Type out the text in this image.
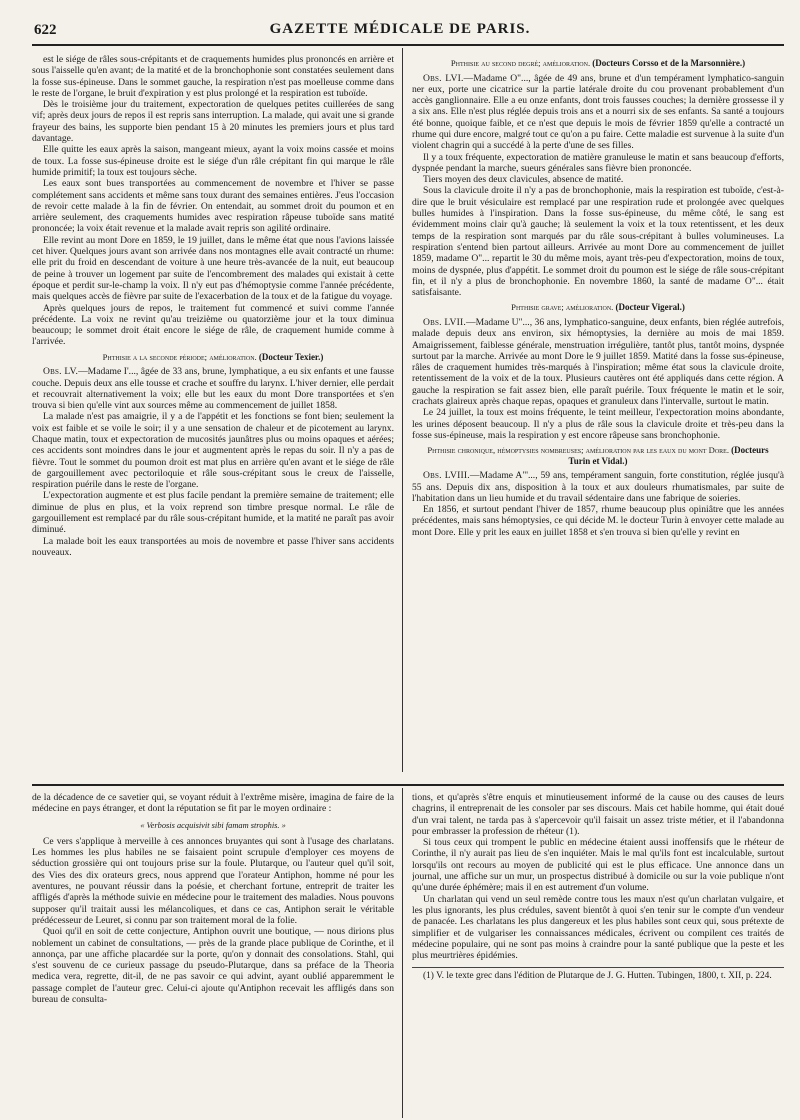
622	GAZETTE MÉDICALE DE PARIS.

est le siége de râles sous-crépitants et de craquements humides plus prononcés en arrière et sous l'aisselle qu'en avant; de la matité et de la bronchophonie sont constatées seulement dans la fosse sus-épineuse. Dans le sommet gauche, la respiration n'est pas moelleuse comme dans le reste de l'organe, le bruit d'expiration y est plus prolongé et la respiration est tuboïde.

Dès le troisième jour du traitement, expectoration de quelques petites cuillerées de sang vif; après deux jours de repos il est repris sans interruption. La malade, qui avait une si grande frayeur des bains, les supporte bien pendant 15 à 20 minutes les premiers jours et plus tard davantage.

Elle quitte les eaux après la saison, mangeant mieux, ayant la voix moins cassée et moins de toux. La fosse sus-épineuse droite est le siége d'un râle crépitant fin qui marque le râle humide primitif; la toux est toujours sèche.

Les eaux sont bues transportées au commencement de novembre et l'hiver se passe complétement sans accidents et même sans toux durant des semaines entières. J'eus l'occasion de revoir cette malade à la fin de février. On entendait, au sommet droit du poumon et en arrière seulement, des craquements humides avec respiration râpeuse tuboïde sans matité prononcée; la voix était revenue et la malade avait repris son agilité ordinaire.

Elle revint au mont Dore en 1859, le 19 juillet, dans le même état que nous l'avions laissée cet hiver. Quelques jours avant son arrivée dans nos montagnes elle avait contracté un rhume: elle prit du froid en descendant de voiture à une heure très-avancée de la nuit, eut beaucoup de peine à trouver un logement par suite de l'encombrement des malades qui existait à cette époque et perdit sur-le-champ la voix. Il n'y eut pas d'hémoptysie comme l'année précédente, mais quelques accès de fièvre par suite de l'exacerbation de la toux et de la fatigue du voyage.

Après quelques jours de repos, le traitement fut commencé et suivi comme l'année précédente. La voix ne revint qu'au treizième ou quatorzième jour et la toux diminua beaucoup; le sommet droit était encore le siége de râle, de craquement humide comme à l'arrivée.

Phthisie a la seconde période; amélioration. (Docteur Texier.)

Obs. LV.—Madame I'..., âgée de 33 ans, brune, lymphatique, a eu six enfants et une fausse couche. Depuis deux ans elle tousse et crache et souffre du larynx. L'hiver dernier, elle perdait et recouvrait alternativement la voix; elle but les eaux du mont Dore transportées et s'en trouva si bien qu'elle vint aux sources même au commencement de juillet 1858.

La malade n'est pas amaigrie, il y a de l'appétit et les fonctions se font bien; seulement la voix est faible et se voile le soir; il y a une sensation de chaleur et de picotement au larynx. Chaque matin, toux et expectoration de mucosités jaunâtres plus ou moins opaques et aérées; ces accidents sont moindres dans le jour et augmentent après le repas du soir. Il n'y a pas de fièvre. Tout le sommet du poumon droit est mat plus en arrière qu'en avant et le siége de râle de gargouillement avec pectoriloquie et râle sous-crépitant sous le creux de l'aisselle, respiration puérile dans le reste de l'organe.

L'expectoration augmente et est plus facile pendant la première semaine de traitement; elle diminue de plus en plus, et la voix reprend son timbre presque normal. Le râle de gargouillement est remplacé par du râle sous-crépitant humide, et la matité ne paraît pas avoir diminué.

La malade boit les eaux transportées au mois de novembre et passe l'hiver sans accidents nouveaux.

Phthisie au second degré; amélioration. (Docteurs Corsso et de la Marsonnière.)

Obs. LVI.—Madame O"..., âgée de 49 ans, brune et d'un tempérament lymphatico-sanguin ner eux, porte une cicatrice sur la partie latérale droite du cou provenant probablement d'un accès ganglionnaire. Elle a eu onze enfants, dont trois fausses couches; la dernière grossesse il y a six ans. Elle n'est plus réglée depuis trois ans et a nourri six de ses enfants. Sa santé a toujours été bonne, quoique faible, et ce n'est que depuis le mois de février 1859 qu'elle a contracté un rhume qui dure encore, malgré tout ce qu'on a pu faire. Cette maladie est survenue à la suite d'un violent chagrin qui a succédé à la perte d'une de ses filles.

Il y a toux fréquente, expectoration de matière granuleuse le matin et sans beaucoup d'efforts, dyspnée pendant la marche, sueurs générales sans fièvre bien prononcée.

Tiers moyen des deux clavicules, absence de matité.

Sous la clavicule droite il n'y a pas de bronchophonie, mais la respiration est tuboïde, c'est-à-dire que le bruit vésiculaire est remplacé par une respiration rude et prolongée avec quelques bulles humides à l'inspiration. Dans la fosse sus-épineuse, du même côté, le sang est évidemment moins clair qu'à gauche; là seulement la voix et la toux retentissent, et les deux temps de la respiration sont marqués par du râle sous-crépitant à bulles volumineuses. La respiration s'entend bien partout ailleurs. Arrivée au mont Dore au commencement de juillet 1859, madame O"... repartit le 30 du même mois, ayant très-peu d'expectoration, moins de toux, moins de dyspnée, plus d'appétit. Le sommet droit du poumon est le siége de râle sous-crépitant fin, et il n'y a plus de bronchophonie. En novembre 1860, la santé de madame O"... était satisfaisante.

Phthisie grave; amélioration. (Docteur Vigeral.)

Obs. LVII.—Madame U"..., 36 ans, lymphatico-sanguine, deux enfants, bien réglée autrefois, malade depuis deux ans environ, six hémoptysies, la dernière au mois de mai 1859. Amaigrissement, faiblesse générale, menstruation irrégulière, tantôt plus, tantôt moins, dyspnée surtout par la marche. Arrivée au mont Dore le 9 juillet 1859. Matité dans la fosse sus-épineuse, râles de craquement humides très-marqués à l'inspiration; même état sous la clavicule droite, retentissement de la voix et de la toux. Plusieurs cautères ont été appliqués dans cette région. A gauche la respiration se fait assez bien, elle paraît puérile. Toux fréquente le matin et le soir, crachats glaireux après chaque repas, opaques et granuleux dans l'intervalle, surtout le matin.

Le 24 juillet, la toux est moins fréquente, le teint meilleur, l'expectoration moins abondante, les urines déposent beaucoup. Il n'y a plus de râle sous la clavicule droite et très-peu dans la fosse sus-épineuse, mais la respiration y est encore râpeuse sans bronchophonie.

Phthisie chronique, hémoptysies nombreuses; amélioration par les eaux du mont Dore. (Docteurs Turin et Vidal.)

Obs. LVIII.—Madame A"'..., 59 ans, tempérament sanguin, forte constitution, réglée jusqu'à 55 ans. Depuis dix ans, disposition à la toux et aux douleurs rhumatismales, par suite de l'habitation dans un lieu humide et du travail sédentaire dans une fabrique de soieries.

En 1856, et surtout pendant l'hiver de 1857, rhume beaucoup plus opiniâtre que les années précédentes, mais sans hémoptysies, ce qui décide M. le docteur Turin à envoyer cette malade au mont Dore. Elle y prit les eaux en juillet 1858 et s'en trouva si bien qu'elle y revint en

de la décadence de ce savetier qui, se voyant réduit à l'extrême misère, imagina de faire de la médecine en pays étranger, et dont la réputation se fit par le moyen ordinaire :

« Verbosis acquisivit sibi famam strophis. »

Ce vers s'applique à merveille à ces annonces bruyantes qui sont à l'usage des charlatans. Les hommes les plus habiles ne se faisaient point scrupule d'employer ces moyens de séduction grossière qui ont toujours prise sur la foule. Plutarque, ou l'auteur quel qu'il soit, des Vies des dix orateurs grecs, nous apprend que l'orateur Antiphon, homme né pour les aventures, ne pouvant réussir dans la poésie, et cherchant fortune, entreprit de traiter les affligés d'après la méthode suivie en médecine pour le traitement des maladies. Nous pouvons supposer qu'il traitait aussi les mélancoliques, et dans ce cas, Antiphon serait le véritable prédécesseur de Leuret, si connu par son traitement moral de la folie.

Quoi qu'il en soit de cette conjecture, Antiphon ouvrit une boutique, — nous dirions plus noblement un cabinet de consultations, — près de la grande place publique de Corinthe, et il annonça, par une affiche placardée sur la porte, qu'on y donnait des consolations. Stahl, qui s'est souvenu de ce curieux passage du pseudo-Plutarque, dans sa préface de la Theoria medica vera, regrette, dit-il, de ne pas savoir ce qui advint, ayant oublié apparemment le passage complet de l'auteur grec. Celui-ci ajoute qu'Antiphon recevait les affligés dans son bureau de consulta-

tions, et qu'après s'être enquis et minutieusement informé de la cause ou des causes de leurs chagrins, il entreprenait de les consoler par ses discours. Mais cet habile homme, qui était doué d'un vrai talent, ne tarda pas à s'apercevoir qu'il faisait un assez triste métier, et il l'abandonna pour embrasser la profession de rhéteur (1).

Si tous ceux qui trompent le public en médecine étaient aussi inoffensifs que le rhéteur de Corinthe, il n'y aurait pas lieu de s'en inquiéter. Mais le mal qu'ils font est incalculable, surtout lorsqu'ils ont recours au moyen de publicité qui est le plus efficace. Une annonce dans un journal, une affiche sur un mur, un prospectus distribué à domicile ou sur la voie publique n'ont qu'une durée éphémère; mais il en est autrement d'un volume.

Un charlatan qui vend un seul remède contre tous les maux n'est qu'un charlatan vulgaire, et les plus ignorants, les plus crédules, savent bientôt à quoi s'en tenir sur le compte d'un vendeur de panacée. Les charlatans les plus dangereux et les plus habiles sont ceux qui, sous prétexte de simplifier et de vulgariser les connaissances médicales, écrivent ou compilent ces traités de médecine populaire, qui ne sont pas moins à craindre pour la santé publique que la peste et les plus meurtrières épidémies.

(1) V. le texte grec dans l'édition de Plutarque de J. G. Hutten. Tubingen, 1800, t. XII, p. 224.
